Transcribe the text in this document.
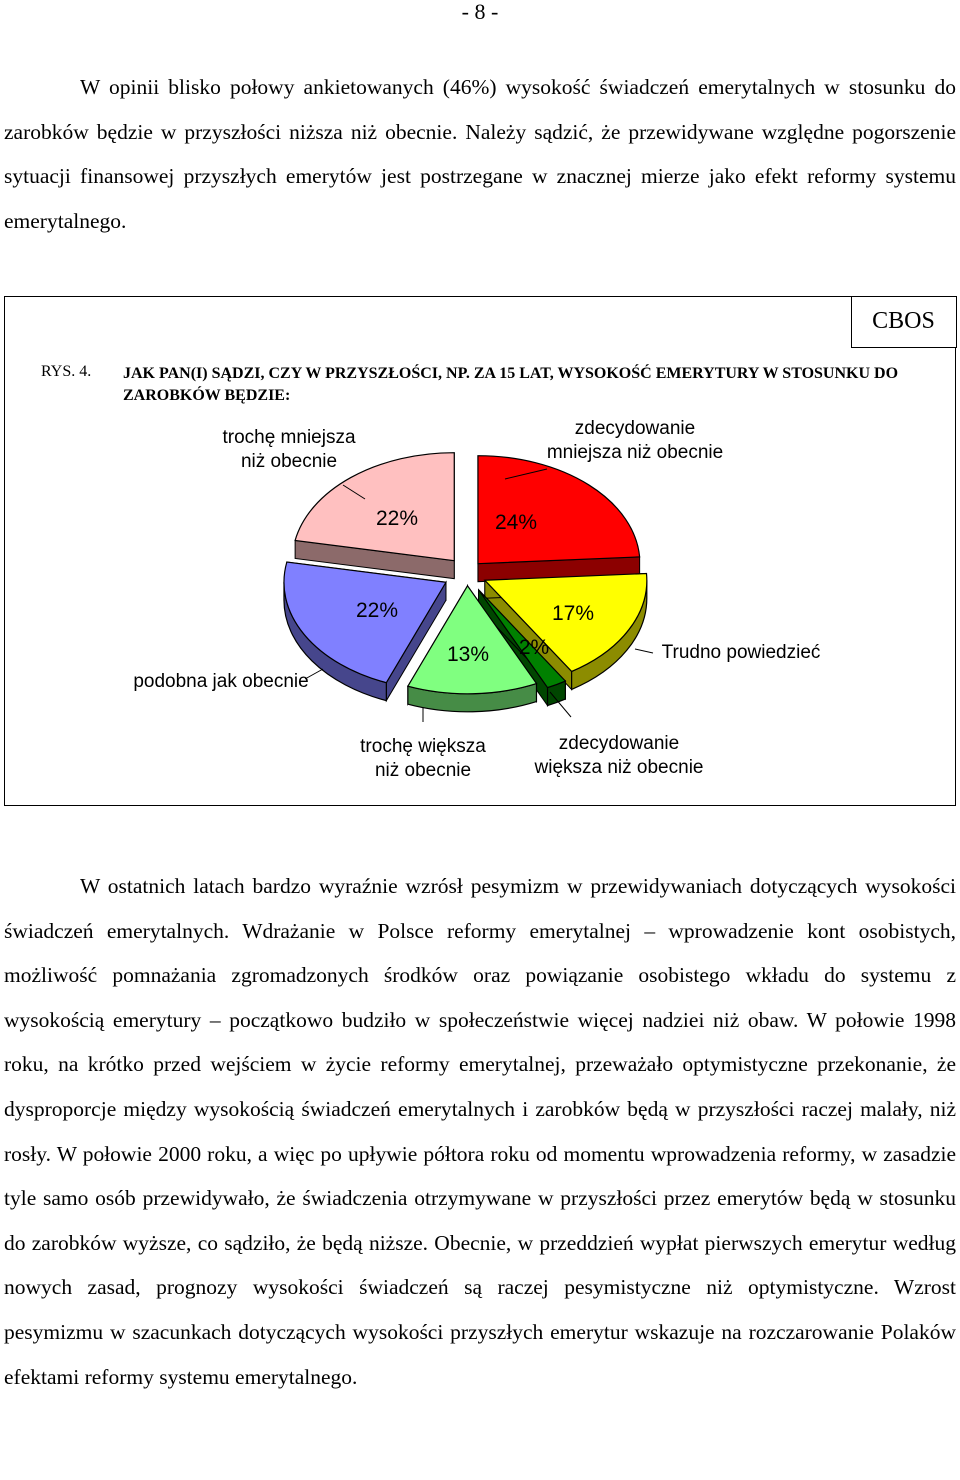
- 8 -

W opinii blisko połowy ankietowanych (46%) wysokość świadczeń emerytalnych w stosunku do zarobków będzie w przyszłości niższa niż obecnie. Należy sądzić, że przewidywane względne pogorszenie sytuacji finansowej przyszłych emerytów jest postrzegane w znacznej mierze jako efekt reformy systemu emerytalnego.

CBOS
RYS. 4. JAK PAN(I) SĄDZI, CZY W PRZYSZŁOŚCI, NP. ZA 15 LAT, WYSOKOŚĆ EMERYTURY W STOSUNKU DO ZAROBKÓW BĘDZIE:
24%
zdecydowanie mniejsza niż obecnie
17%
Trudno powiedzieć
2%
zdecydowanie większa niż obecnie
13%
trochę większa niż obecnie
22%
podobna jak obecnie
22%
trochę mniejsza niż obecnie

W ostatnich latach bardzo wyraźnie wzrósł pesymizm w przewidywaniach dotyczących wysokości świadczeń emerytalnych. Wdrażanie w Polsce reformy emerytalnej – wprowadzenie kont osobistych, możliwość pomnażania zgromadzonych środków oraz powiązanie osobistego wkładu do systemu z wysokością emerytury – początkowo budziło w społeczeństwie więcej nadziei niż obaw. W połowie 1998 roku, na krótko przed wejściem w życie reformy emerytalnej, przeważało optymistyczne przekonanie, że dysproporcje między wysokością świadczeń emerytalnych i zarobków będą w przyszłości raczej malały, niż rosły. W połowie 2000 roku, a więc po upływie półtora roku od momentu wprowadzenia reformy, w zasadzie tyle samo osób przewidywało, że świadczenia otrzymywane w przyszłości przez emerytów będą w stosunku do zarobków wyższe, co sądziło, że będą niższe. Obecnie, w przeddzień wypłat pierwszych emerytur według nowych zasad, prognozy wysokości świadczeń są raczej pesymistyczne niż optymistyczne. Wzrost pesymizmu w szacunkach dotyczących wysokości przyszłych emerytur wskazuje na rozczarowanie Polaków efektami reformy systemu emerytalnego.
